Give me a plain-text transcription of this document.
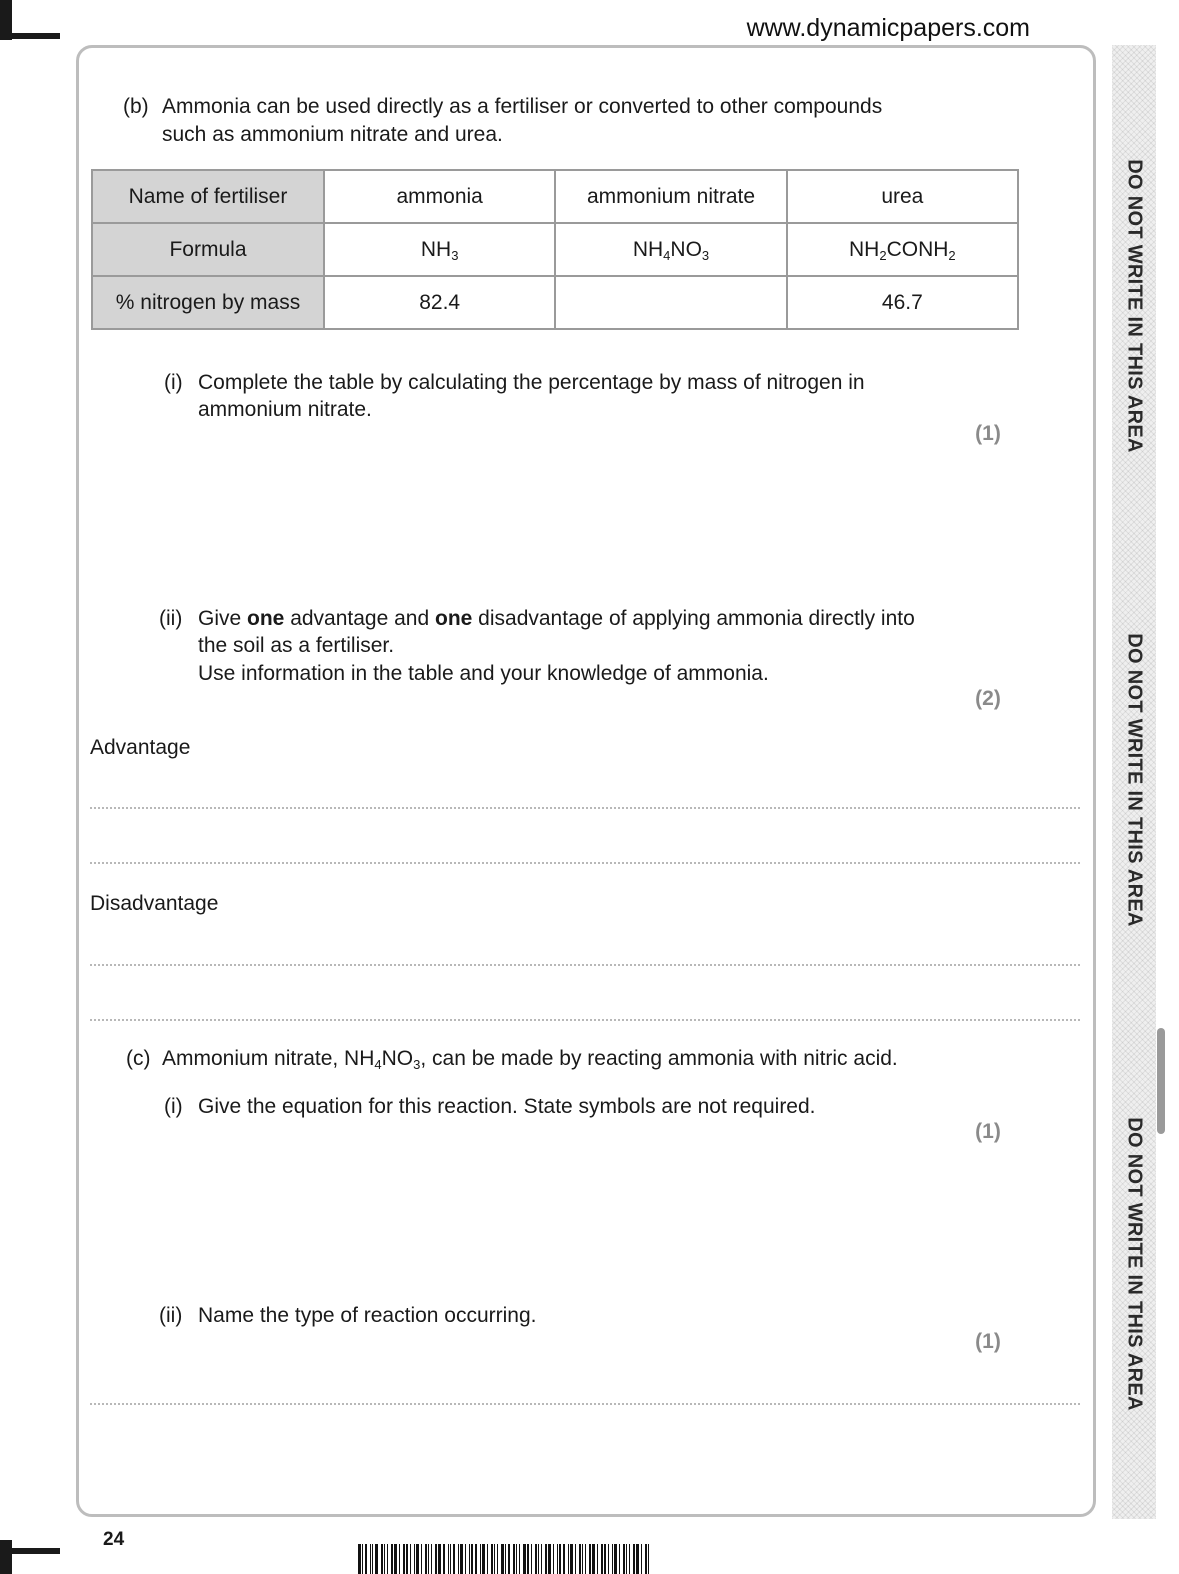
www.dynamicpapers.com
DO NOT WRITE IN THIS AREA
DO NOT WRITE IN THIS AREA
DO NOT WRITE IN THIS AREA
(b) Ammonia can be used directly as a fertiliser or converted to other compounds
such as ammonium nitrate and urea.
Name of fertiliser	ammonia	ammonium nitrate	urea
Formula	$NH_3$	$NH_4NO_3$	$NH_2CONH_2$
% nitrogen by mass	82.4		46.7
(i) Complete the table by calculating the percentage by mass of nitrogen in
ammonium nitrate.
(1)
(ii) Give one advantage and one disadvantage of applying ammonia directly into
the soil as a fertiliser.
Use information in the table and your knowledge of ammonia.
(2)
Advantage
Disadvantage
(c) Ammonium nitrate, $NH_4NO_3$, can be made by reacting ammonia with nitric acid.
(i) Give the equation for this reaction. State symbols are not required.
(1)
(ii) Name the type of reaction occurring.
(1)
24
